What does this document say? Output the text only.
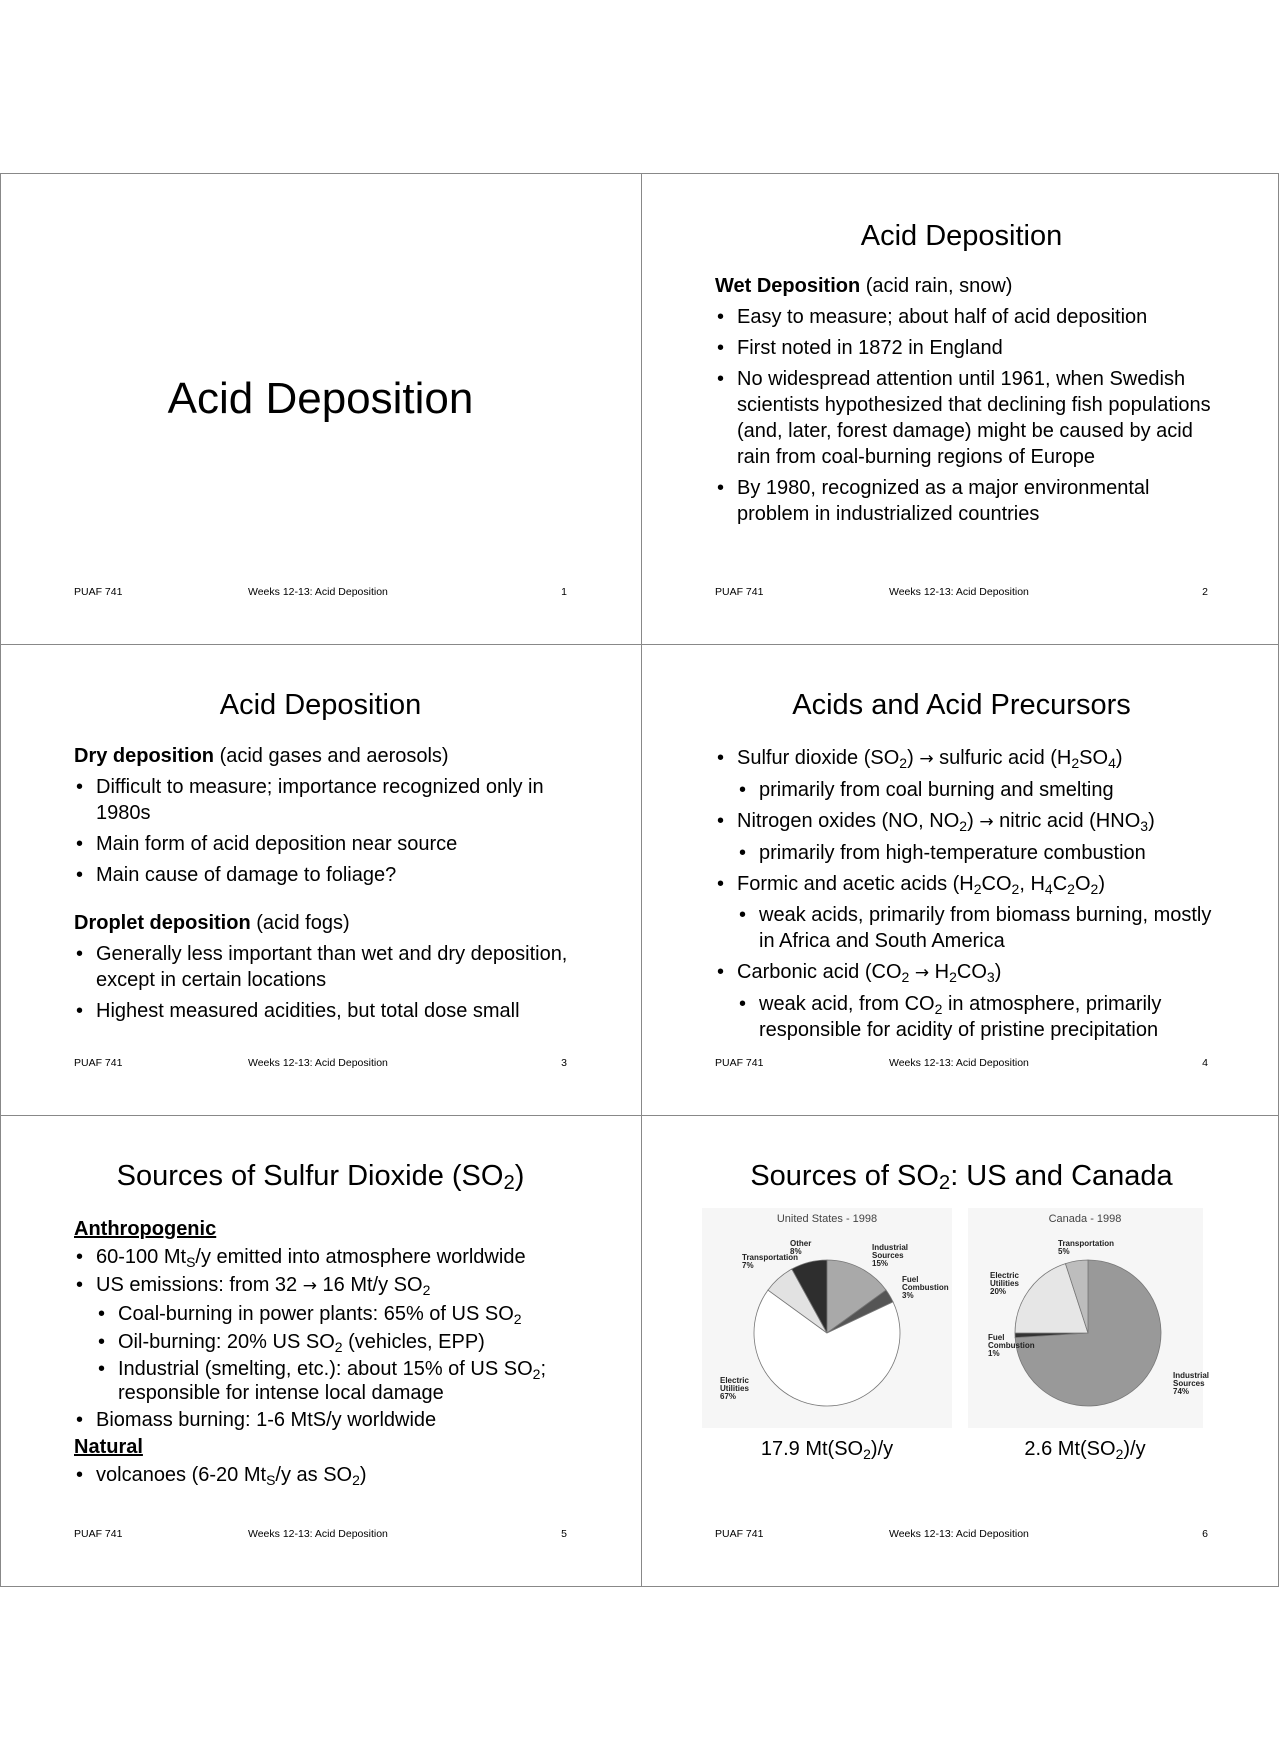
Acid Deposition
PUAF 741	Weeks 12-13: Acid Deposition	1
Acid Deposition

Wet Deposition (acid rain, snow)

• Easy to measure; about half of acid deposition
• First noted in 1872 in England
• No widespread attention until 1961, when Swedish scientists hypothesized that declining fish populations (and, later, forest damage) might be caused by acid rain from coal-burning regions of Europe
• By 1980, recognized as a major environmental problem in industrialized countries
PUAF 741	Weeks 12-13: Acid Deposition	2
Acid Deposition

Dry deposition (acid gases and aerosols)

• Difficult to measure; importance recognized only in 1980s
• Main form of acid deposition near source
• Main cause of damage to foliage?

Droplet deposition (acid fogs)

• Generally less important than wet and dry deposition, except in certain locations
• Highest measured acidities, but total dose small
PUAF 741	Weeks 12-13: Acid Deposition	3
Acids and Acid Precursors
• Sulfur dioxide $(SO_2)$ → sulfuric acid $(H_2SO_4)$
• primarily from coal burning and smelting
• Nitrogen oxides (NO, $NO_2$) → nitric acid $(HNO_3)$
• primarily from high-temperature combustion
• Formic and acetic acids ($H_2CO_2$, $H_4C_2O_2$)
• weak acids, primarily from biomass burning, mostly in Africa and South America
• Carbonic acid $(CO_2 \to H_2CO_3)$
• weak acid, from $CO_2$ in atmosphere, primarily responsible for acidity of pristine precipitation
PUAF 741	Weeks 12-13: Acid Deposition	4
Sources of Sulfur Dioxide $(SO_2)$
Anthropogenic
• 60-100 $Mt_S/y$ emitted into atmosphere worldwide
• US emissions: from 32 → 16 Mt/y $SO_2$
• Coal-burning in power plants: 65% of US $SO_2$
• Oil-burning: 20% US $SO_2$ (vehicles, EPP)
• Industrial (smelting, etc.): about 15% of US $SO_2$; responsible for intense local damage
• Biomass burning: 1-6 MtS/y worldwide
Natural
• volcanoes (6-20 $Mt_S/y$ as $SO_2$)
PUAF 741	Weeks 12-13: Acid Deposition	5
Sources of $SO_2$: US and Canada
United States - 1998
Industrial Sources 15%
Fuel Combustion 3%
Electric Utilities 67%
Transportation 7%
Other 8%
Canada - 1998
Industrial Sources 74%
Fuel Combustion 1%
Electric Utilities 20%
Transportation 5%
17.9 $Mt(SO_2)/y$	2.6 $Mt(SO_2)/y$
PUAF 741	Weeks 12-13: Acid Deposition	6
